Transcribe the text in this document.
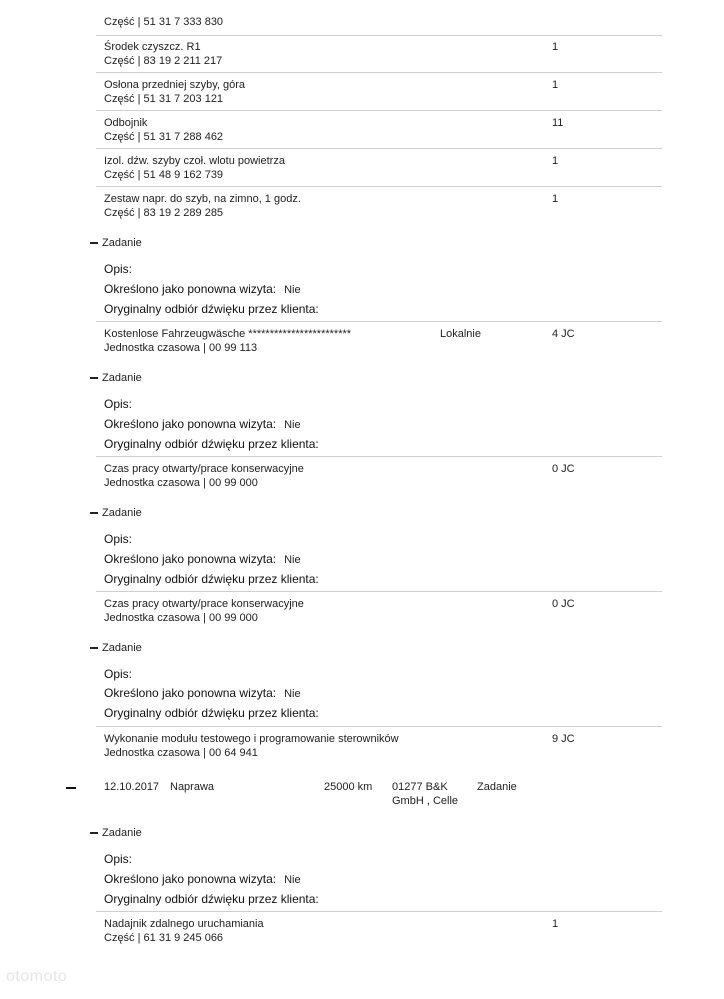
Część | 51 31 7 333 830
Środek czyszcz. R1
Część | 83 19 2 211 217
1
Osłona przedniej szyby, góra
Część | 51 31 7 203 121
1
Odbojnik
Część | 51 31 7 288 462
11
Izol. dźw. szyby czoł. wlotu powietrza
Część | 51 48 9 162 739
1
Zestaw napr. do szyb, na zimno, 1 godz.
Część | 83 19 2 289 285
1
Zadanie
Opis:
Określono jako ponowna wizyta: Nie
Oryginalny odbiór dźwięku przez klienta:
Kostenlose Fahrzeugwäsche ************************
Jednostka czasowa | 00 99 113
Lokalnie	4 JC
Zadanie
Opis:
Określono jako ponowna wizyta: Nie
Oryginalny odbiór dźwięku przez klienta:
Czas pracy otwarty/prace konserwacyjne
Jednostka czasowa | 00 99 000
0 JC
Zadanie
Opis:
Określono jako ponowna wizyta: Nie
Oryginalny odbiór dźwięku przez klienta:
Czas pracy otwarty/prace konserwacyjne
Jednostka czasowa | 00 99 000
0 JC
Zadanie
Opis:
Określono jako ponowna wizyta: Nie
Oryginalny odbiór dźwięku przez klienta:
Wykonanie modułu testowego i programowanie sterowników
Jednostka czasowa | 00 64 941
9 JC
12.10.2017 Naprawa	25000 km 01277 B&K
GmbH , Celle
Zadanie
Zadanie
Opis:
Określono jako ponowna wizyta: Nie
Oryginalny odbiór dźwięku przez klienta:
Nadajnik zdalnego uruchamiania
Część | 61 31 9 245 066
1
otomoto
